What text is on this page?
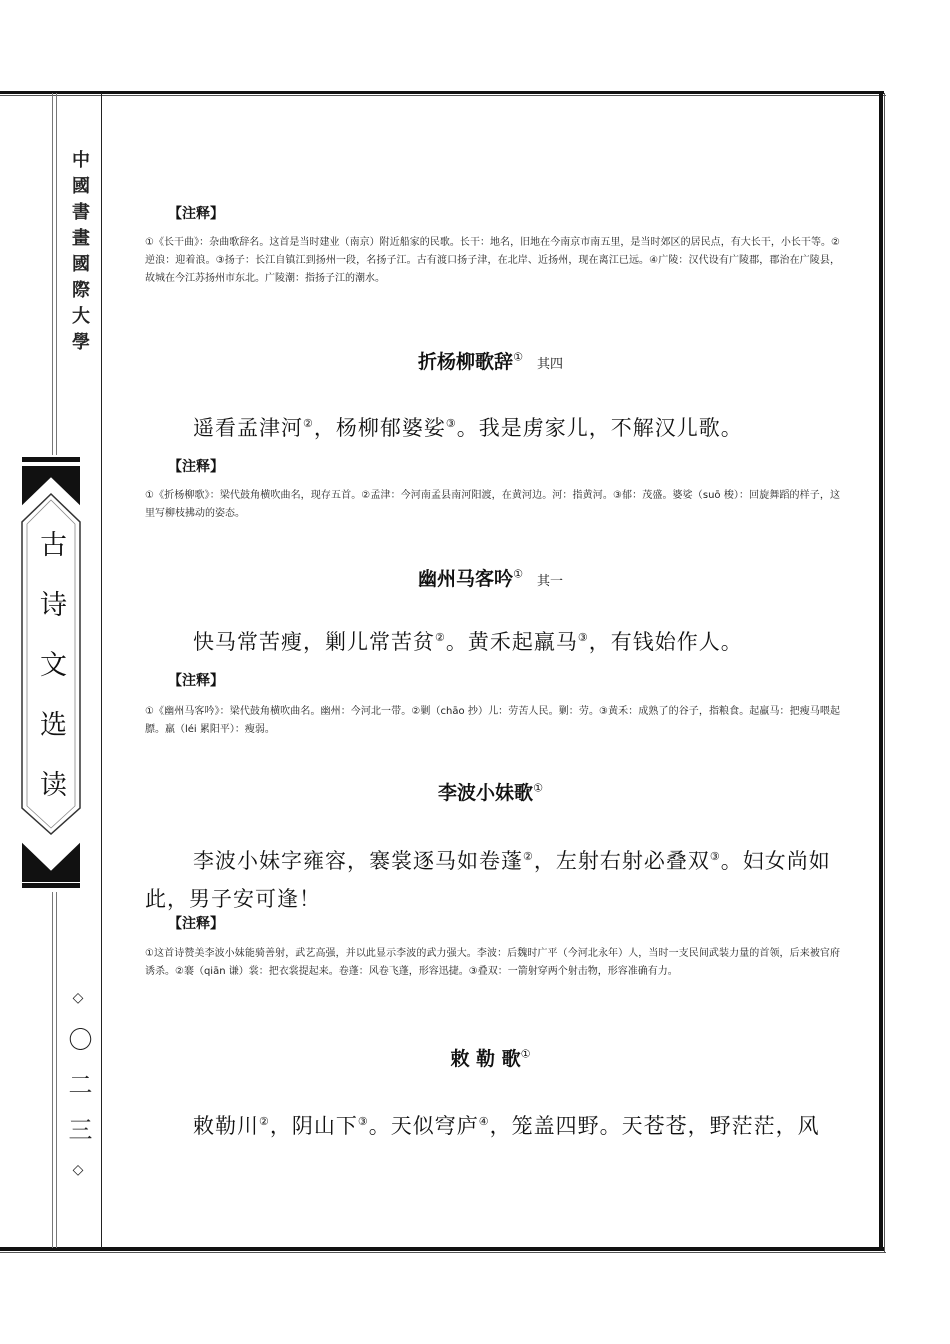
中國書畫國際大學
古诗文选读
◇ 〇 二 三 ◇
【注释】
①《长干曲》：杂曲歌辞名。这首是当时建业（南京）附近船家的民歌。长干：地名，旧地在今南京市南五里，是当时郊区的居民点，有大长干，小长干等。②逆浪：迎着浪。③扬子：长江自镇江到扬州一段，名扬子江。古有渡口扬子津，在北岸、近扬州，现在离江已远。④广陵：汉代设有广陵郡，郡治在广陵县，故城在今江苏扬州市东北。广陵潮：指扬子江的潮水。
折杨柳歌辞① 其四
遥看孟津河②，杨柳郁婆娑③。我是虏家儿，不解汉儿歌。
【注释】
①《折杨柳歌》：梁代鼓角横吹曲名，现存五首。②孟津：今河南孟县南河阳渡，在黄河边。河：指黄河。③郁：茂盛。婆娑（suō 梭）：回旋舞蹈的样子，这里写柳枝拂动的姿态。
幽州马客吟① 其一
快马常苦瘦，剿儿常苦贫②。黄禾起羸马③，有钱始作人。
【注释】
①《幽州马客吟》：梁代鼓角横吹曲名。幽州：今河北一带。②剿（chāo 抄）儿：劳苦人民。剿：劳。③黄禾：成熟了的谷子，指粮食。起羸马：把瘦马喂起膘。羸（léi 累阳平）：瘦弱。
李波小妹歌①
李波小妹字雍容，褰裳逐马如卷蓬②，左射右射必叠双③。妇女尚如此，男子安可逢！
【注释】
①这首诗赞美李波小妹能骑善射，武艺高强，并以此显示李波的武力强大。李波：后魏时广平（今河北永年）人，当时一支民间武装力量的首领，后来被官府诱杀。②褰（qiān 谦）裳：把衣裳提起来。卷蓬：风卷飞蓬，形容迅捷。③叠双：一箭射穿两个射击物，形容准确有力。
敕 勒 歌①
敕勒川②，阴山下③。天似穹庐④，笼盖四野。天苍苍，野茫茫，风
